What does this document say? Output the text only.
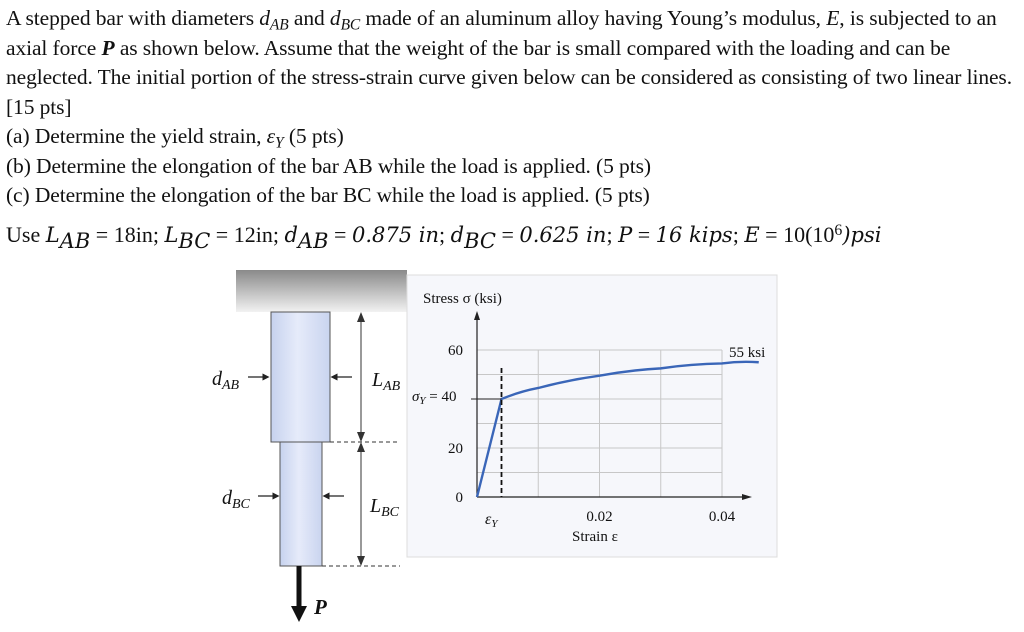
A stepped bar with diameters $d_{AB}$ and $d_{BC}$ made of an aluminum alloy having Young’s modulus, E, is subjected to an axial force P as shown below. Assume that the weight of the bar is small compared with the loading and can be neglected. The initial portion of the stress-strain curve given below can be considered as consisting of two linear lines. [15 pts]

(a) Determine the yield strain, $\varepsilon_Y$ (5 pts)

(b) Determine the elongation of the bar AB while the load is applied. (5 pts)

(c) Determine the elongation of the bar BC while the load is applied. (5 pts)

Use $L_{AB} = 18in$; $L_{BC} = 12in$; $d_{AB} = 0.875$ in; $d_{BC} = 0.625$ in; P = 16 kips; $E = 10(10^6)psi$
$d_{AB}$
$d_{BC}$
$L_{AB}$
$L_{BC}$
P
0
20
60
0.02	0.04
Stress σ (ksi)
Strain ε
$\sigma_Y = 40$
εY
55 ksi
